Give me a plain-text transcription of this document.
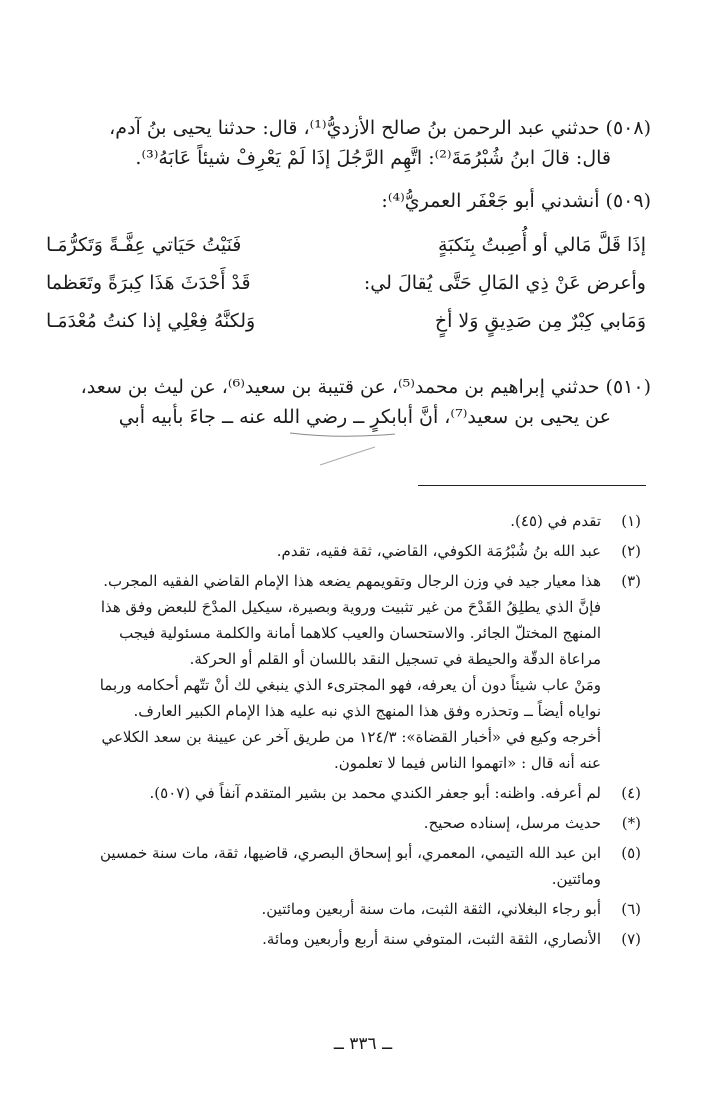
(٥٠٨) حدثني عبد الرحمن بنُ صالح الأزديُّ⁽¹⁾، قال: حدثنا يحيى بنُ آدم،
قال: قالَ ابنُ شُبْرُمَةَ⁽²⁾: اتَّهِم الرَّجُلَ إذَا لَمْ يَعْرِفْ شيئاً عَابَهُ⁽³⁾.
(٥٠٩) أنشدني أبو جَعْفَر العمريُّ⁽⁴⁾:
إذَا قَلَّ مَالي أو أُصِبتُ بِنَكبَةٍ
فَنَيْتُ حَيَاتي عِفَّـةً وَتَكرُّمَـا
وأعرض عَنْ ذِي المَالِ حَتَّى يُقالَ لي:
قَدْ أَحْدَثَ هَذَا كِبرَةً وتَعَظما
وَمَابي كِبْرٌ مِن صَدِيقٍ وَلا أخٍ
وَلكنَّهُ فِعْلِي إذا كنتُ مُعْدَمَـا
(٥١٠) حدثني إبراهيم بن محمد⁽⁵⁾، عن قتيبة بن سعيد⁽⁶⁾، عن ليث بن سعد،
عن يحيى بن سعيد⁽⁷⁾، أنَّ أبابكرٍ ــ رضي الله عنه ــ جاءَ بأبيه أبي
(١)
تقدم في (٤٥).
(٢)
عبد الله بنُ شُبْرُمَة الكوفي، القاضي، ثقة فقيه، تقدم.
(٣)
هذا معيار جيد في وزن الرجال وتقويمهم يضعه هذا الإمام القاضي الفقيه المجرب.
فإنَّ الذي يطلِقُ القَدْحَ من غير تثبيت وروية وبصيرة، سيكيل المدْحَ للبعض وفق هذا
المنهج المختلّ الجائر. والاستحسان والعيب كلاهما أمانة والكلمة مسئولية فيجب
مراعاة الدقّة والحيطة في تسجيل النقد باللسان أو القلم أو الحركة.
ومَنْ عاب شيئاً دون أن يعرفه، فهو المجترىء الذي ينبغي لك أنْ تتّهم أحكامه وربما
نواياه أيضاً ــ وتحذره وفق هذا المنهج الذي نبه عليه هذا الإمام الكبير العارف.
أخرجه وكيع في «أخبار القضاة»: ١٢٤/٣ من طريق آخر عن عيينة بن سعد الكلاعي
عنه أنه قال : «اتهموا الناس فيما لا تعلمون.
(٤)
لم أعرفه. واظنه: أبو جعفر الكندي محمد بن بشير المتقدم آنفاً في (٥٠٧).
(*)
حديث مرسل، إسناده صحيح.
(٥)
ابن عبد الله التيمي، المعمري، أبو إسحاق البصري، قاضيها، ثقة، مات سنة خمسين
ومائتين.
(٦)
أبو رجاء البغلاني، الثقة الثبت، مات سنة أربعين ومائتين.
(٧)
الأنصاري، الثقة الثبت، المتوفي سنة أربع وأربعين ومائة.
ــ ٣٣٦ ــ
